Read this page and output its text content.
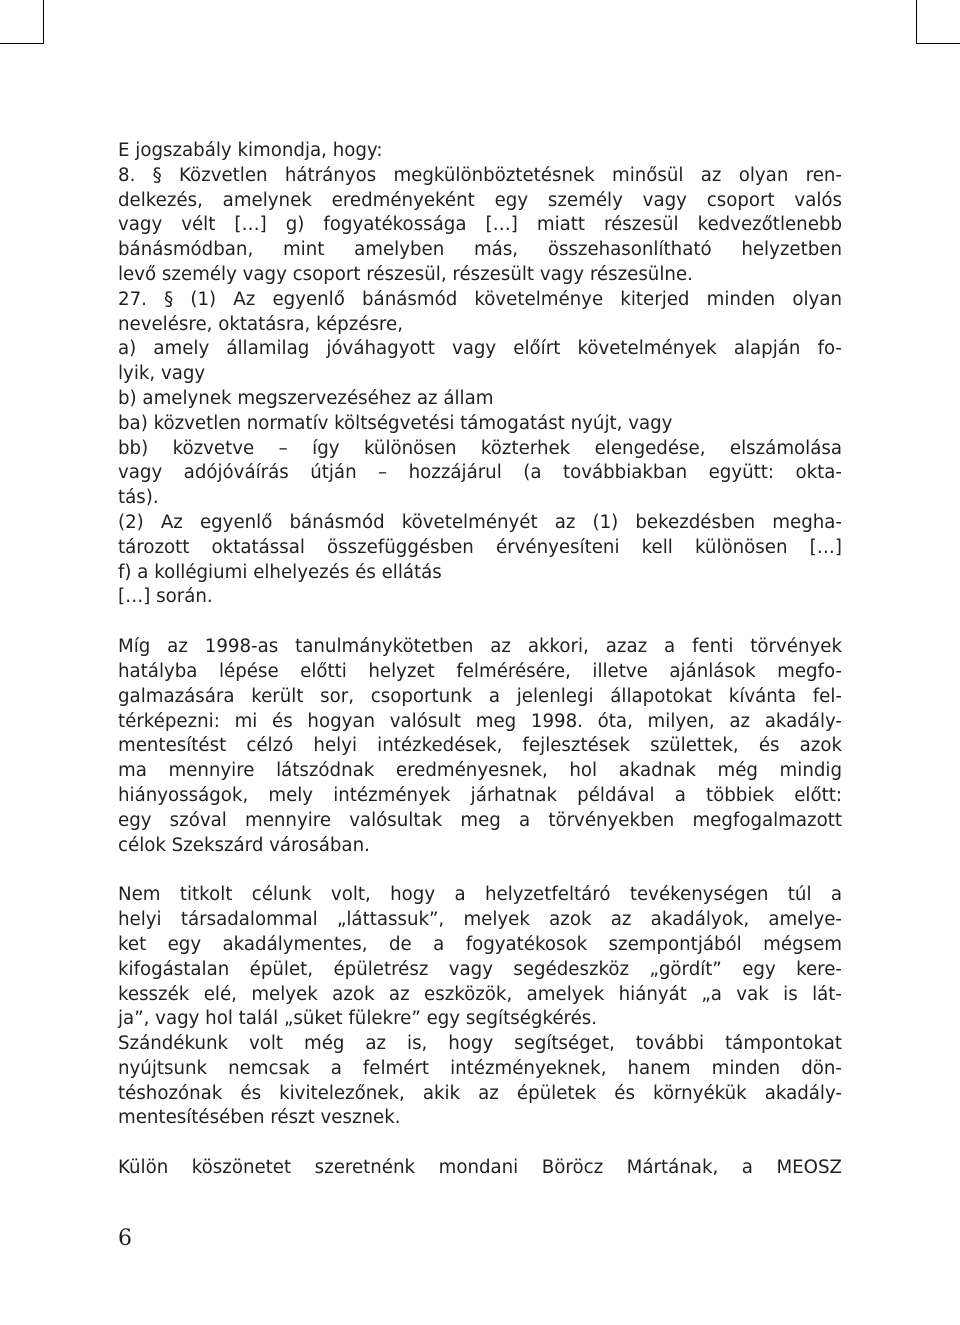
E jogszabály kimondja, hogy:
8. § Közvetlen hátrányos megkülönböztetésnek minősül az olyan ren-
delkezés, amelynek eredményeként egy személy vagy csoport valós
vagy vélt […] g) fogyatékossága […] miatt részesül kedvezőtlenebb
bánásmódban, mint amelyben más, összehasonlítható helyzetben
levő személy vagy csoport részesül, részesült vagy részesülne.
27. § (1) Az egyenlő bánásmód követelménye kiterjed minden olyan
nevelésre, oktatásra, képzésre,
a) amely államilag jóváhagyott vagy előírt követelmények alapján fo-
lyik, vagy
b) amelynek megszervezéséhez az állam
ba) közvetlen normatív költségvetési támogatást nyújt, vagy
bb) közvetve – így különösen közterhek elengedése, elszámolása
vagy adójóváírás útján – hozzájárul (a továbbiakban együtt: okta-
tás).
(2) Az egyenlő bánásmód követelményét az (1) bekezdésben megha-
tározott oktatással összefüggésben érvényesíteni kell különösen […]
f) a kollégiumi elhelyezés és ellátás
[…] során.
Míg az 1998-as tanulmánykötetben az akkori, azaz a fenti törvények
hatályba lépése előtti helyzet felmérésére, illetve ajánlások megfo-
galmazására került sor, csoportunk a jelenlegi állapotokat kívánta fel-
térképezni: mi és hogyan valósult meg 1998. óta, milyen, az akadály-
mentesítést célzó helyi intézkedések, fejlesztések születtek, és azok
ma mennyire látszódnak eredményesnek, hol akadnak még mindig
hiányosságok, mely intézmények járhatnak példával a többiek előtt:
egy szóval mennyire valósultak meg a törvényekben megfogalmazott
célok Szekszárd városában.
Nem titkolt célunk volt, hogy a helyzetfeltáró tevékenységen túl a
helyi társadalommal „láttassuk”, melyek azok az akadályok, amelye-
ket egy akadálymentes, de a fogyatékosok szempontjából mégsem
kifogástalan épület, épületrész vagy segédeszköz „gördít” egy kere-
kesszék elé, melyek azok az eszközök, amelyek hiányát „a vak is lát-
ja”, vagy hol talál „süket fülekre” egy segítségkérés.
Szándékunk volt még az is, hogy segítséget, további támpontokat
nyújtsunk nemcsak a felmért intézményeknek, hanem minden dön-
téshozónak és kivitelezőnek, akik az épületek és környékük akadály-
mentesítésében részt vesznek.
Külön köszönetet szeretnénk mondani Böröcz Mártának, a MEOSZ
6
